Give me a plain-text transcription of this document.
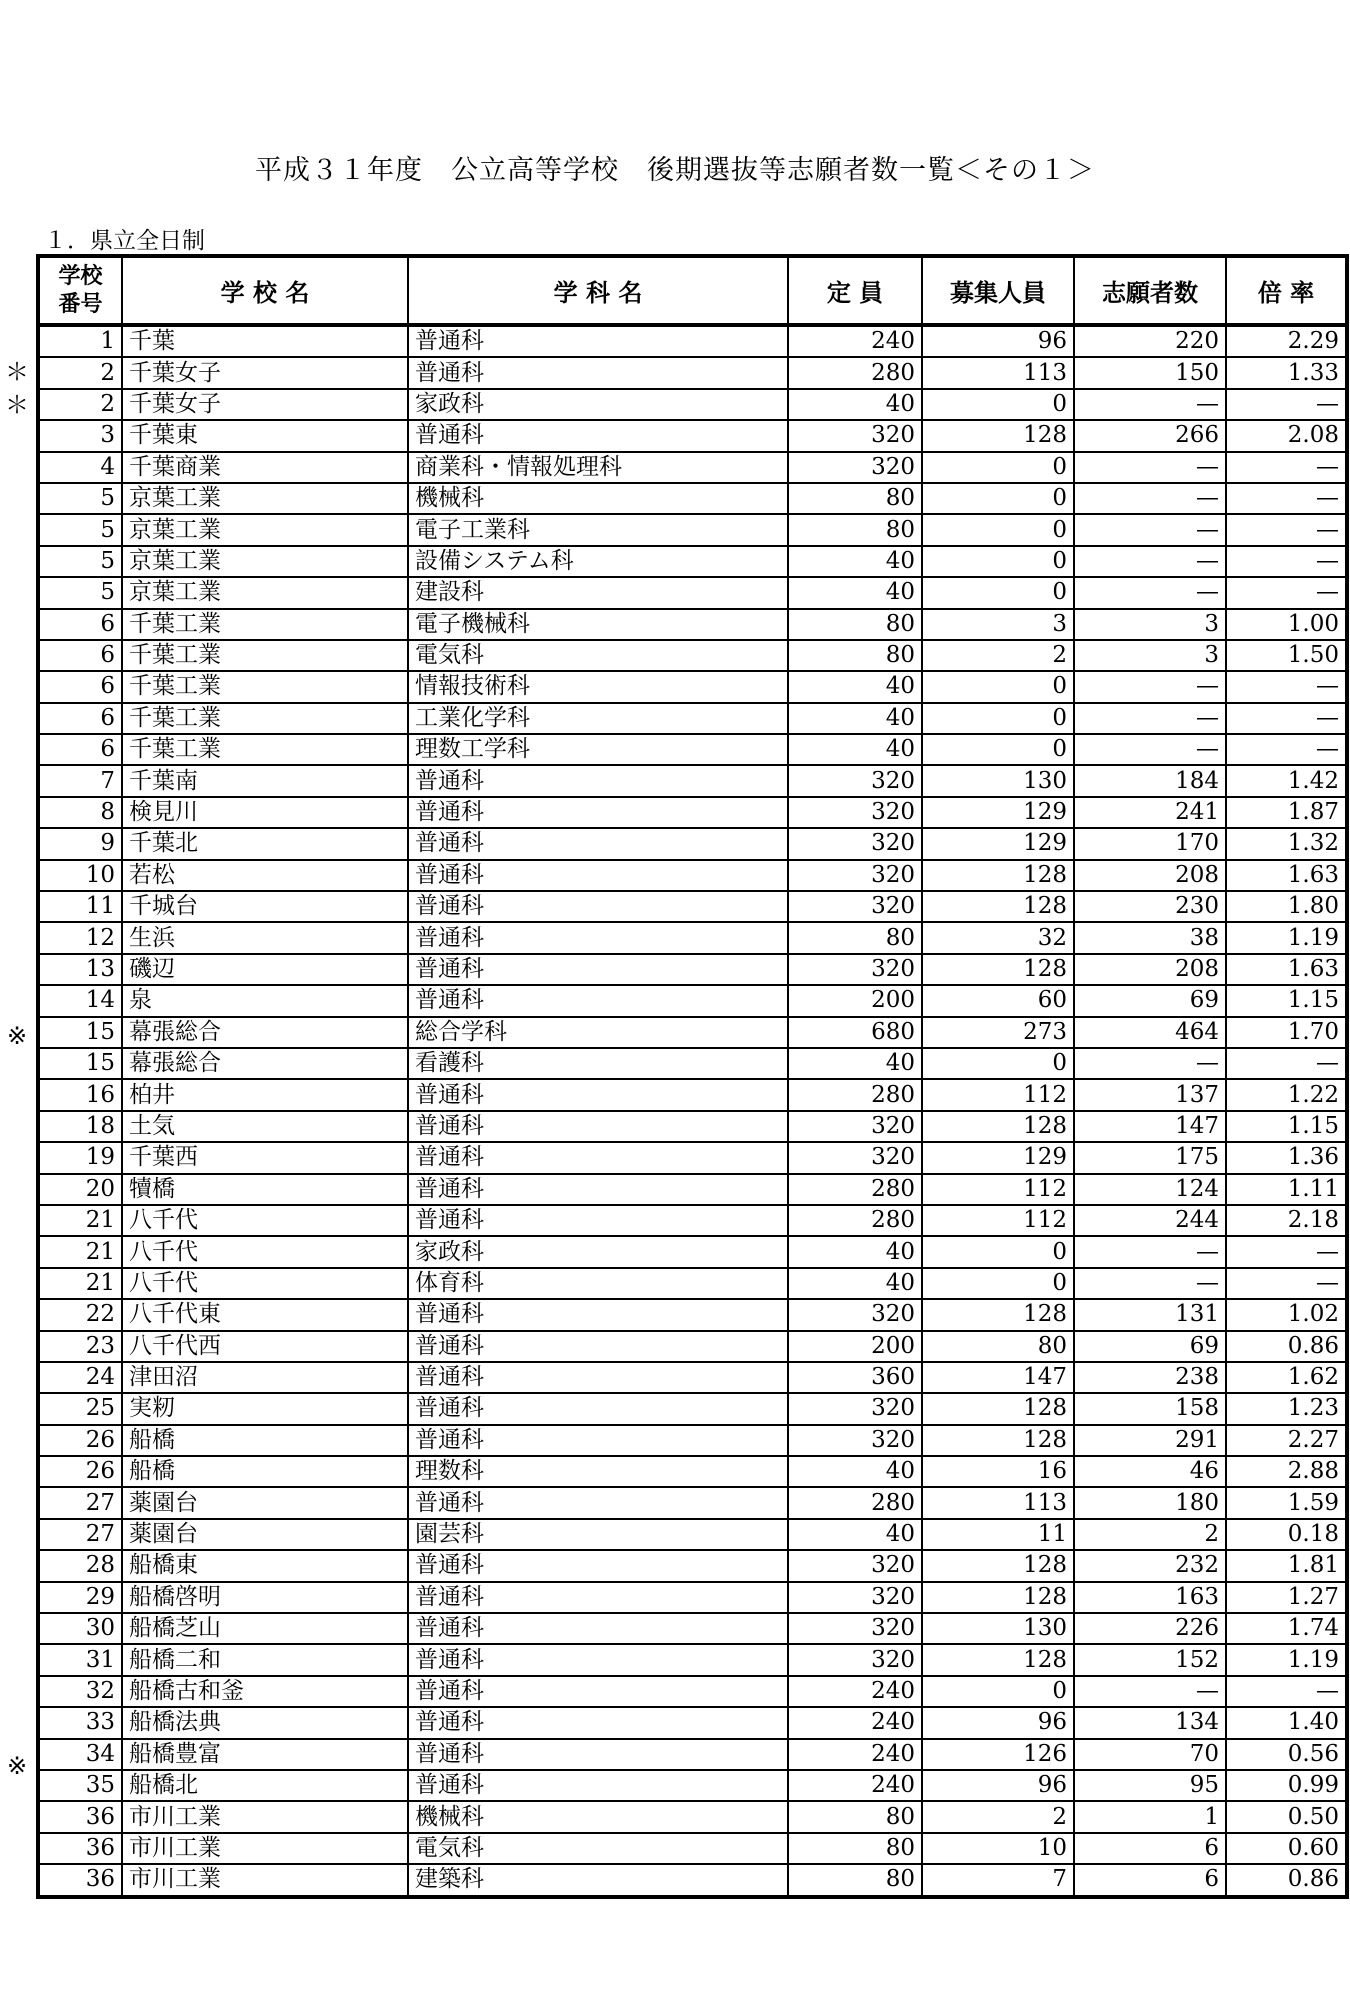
平成３１年度　公立高等学校　後期選抜等志願者数一覧＜その１＞
１．県立全日制
＊
＊
※
※
学校
番号	学 校 名	学 科 名	定 員	募集人員	志願者数	倍 率
1	千葉	普通科	240	96	220	2.29
2	千葉女子	普通科	280	113	150	1.33
2	千葉女子	家政科	40	0	—	—
3	千葉東	普通科	320	128	266	2.08
4	千葉商業	商業科・情報処理科	320	0	—	—
5	京葉工業	機械科	80	0	—	—
5	京葉工業	電子工業科	80	0	—	—
5	京葉工業	設備システム科	40	0	—	—
5	京葉工業	建設科	40	0	—	—
6	千葉工業	電子機械科	80	3	3	1.00
6	千葉工業	電気科	80	2	3	1.50
6	千葉工業	情報技術科	40	0	—	—
6	千葉工業	工業化学科	40	0	—	—
6	千葉工業	理数工学科	40	0	—	—
7	千葉南	普通科	320	130	184	1.42
8	検見川	普通科	320	129	241	1.87
9	千葉北	普通科	320	129	170	1.32
10	若松	普通科	320	128	208	1.63
11	千城台	普通科	320	128	230	1.80
12	生浜	普通科	80	32	38	1.19
13	磯辺	普通科	320	128	208	1.63
14	泉	普通科	200	60	69	1.15
15	幕張総合	総合学科	680	273	464	1.70
15	幕張総合	看護科	40	0	—	—
16	柏井	普通科	280	112	137	1.22
18	土気	普通科	320	128	147	1.15
19	千葉西	普通科	320	129	175	1.36
20	犢橋	普通科	280	112	124	1.11
21	八千代	普通科	280	112	244	2.18
21	八千代	家政科	40	0	—	—
21	八千代	体育科	40	0	—	—
22	八千代東	普通科	320	128	131	1.02
23	八千代西	普通科	200	80	69	0.86
24	津田沼	普通科	360	147	238	1.62
25	実籾	普通科	320	128	158	1.23
26	船橋	普通科	320	128	291	2.27
26	船橋	理数科	40	16	46	2.88
27	薬園台	普通科	280	113	180	1.59
27	薬園台	園芸科	40	11	2	0.18
28	船橋東	普通科	320	128	232	1.81
29	船橋啓明	普通科	320	128	163	1.27
30	船橋芝山	普通科	320	130	226	1.74
31	船橋二和	普通科	320	128	152	1.19
32	船橋古和釜	普通科	240	0	—	—
33	船橋法典	普通科	240	96	134	1.40
34	船橋豊富	普通科	240	126	70	0.56
35	船橋北	普通科	240	96	95	0.99
36	市川工業	機械科	80	2	1	0.50
36	市川工業	電気科	80	10	6	0.60
36	市川工業	建築科	80	7	6	0.86
